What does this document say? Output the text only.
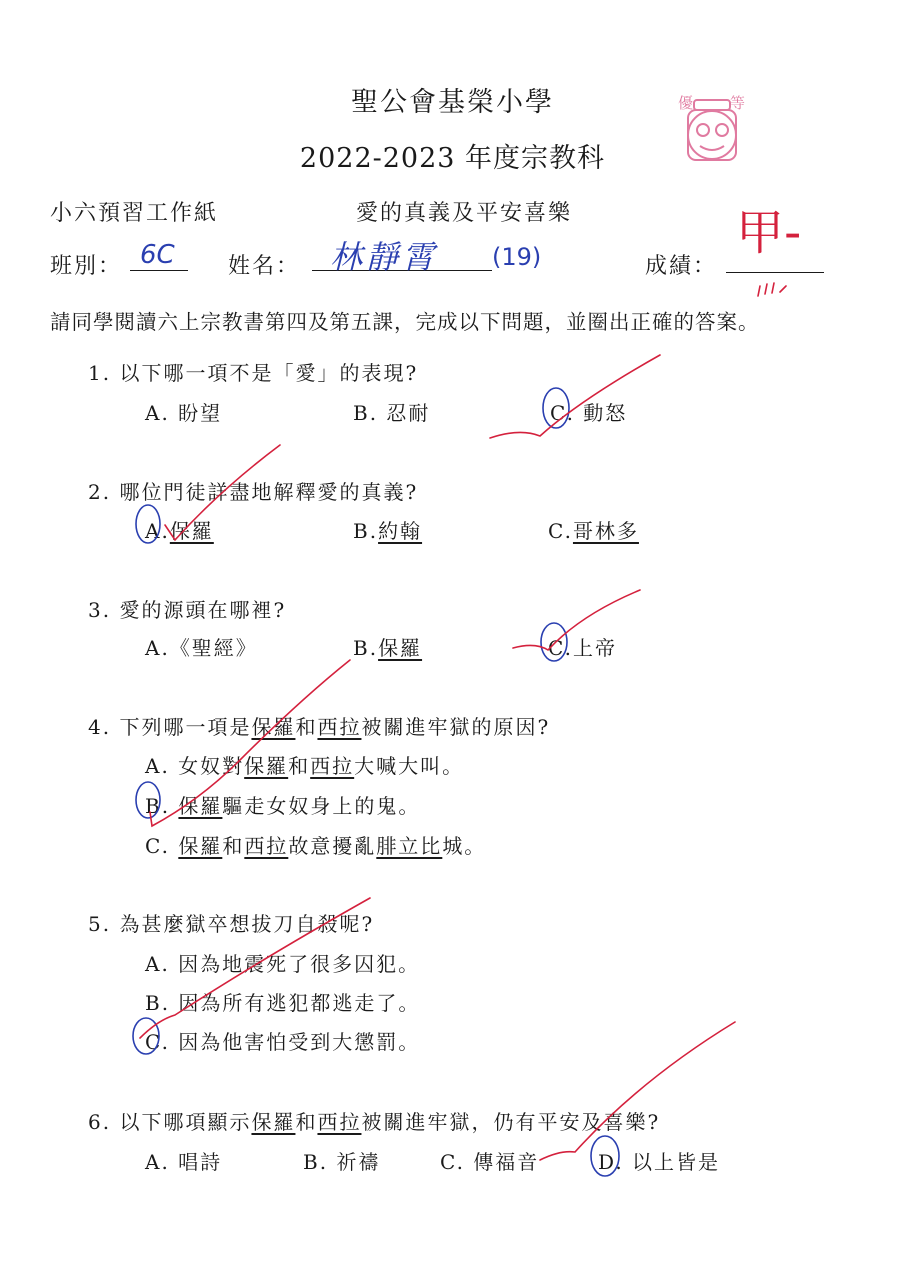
聖公會基榮小學
2022-2023 年度宗教科
優 等
小六預習工作紙	愛的真義及平安喜樂
班別： 6C 姓名： 林靜霄 (19)	成績：
甲-
請同學閱讀六上宗教書第四及第五課，完成以下問題，並圈出正確的答案。
1. 以下哪一項不是「愛」的表現?
A. 盼望	B. 忍耐	C. 動怒
2. 哪位門徒詳盡地解釋愛的真義?
A.保羅	B.約翰	C.哥林多
3. 愛的源頭在哪裡?
A.《聖經》	B.保羅	C.上帝
4. 下列哪一項是保羅和西拉被關進牢獄的原因?
A. 女奴對保羅和西拉大喊大叫。
B. 保羅驅走女奴身上的鬼。
C. 保羅和西拉故意擾亂腓立比城。
5. 為甚麼獄卒想拔刀自殺呢?
A. 因為地震死了很多囚犯。
B. 因為所有逃犯都逃走了。
C. 因為他害怕受到大懲罰。
6. 以下哪項顯示保羅和西拉被關進牢獄，仍有平安及喜樂?
A. 唱詩	B. 祈禱	C. 傳福音	D. 以上皆是
